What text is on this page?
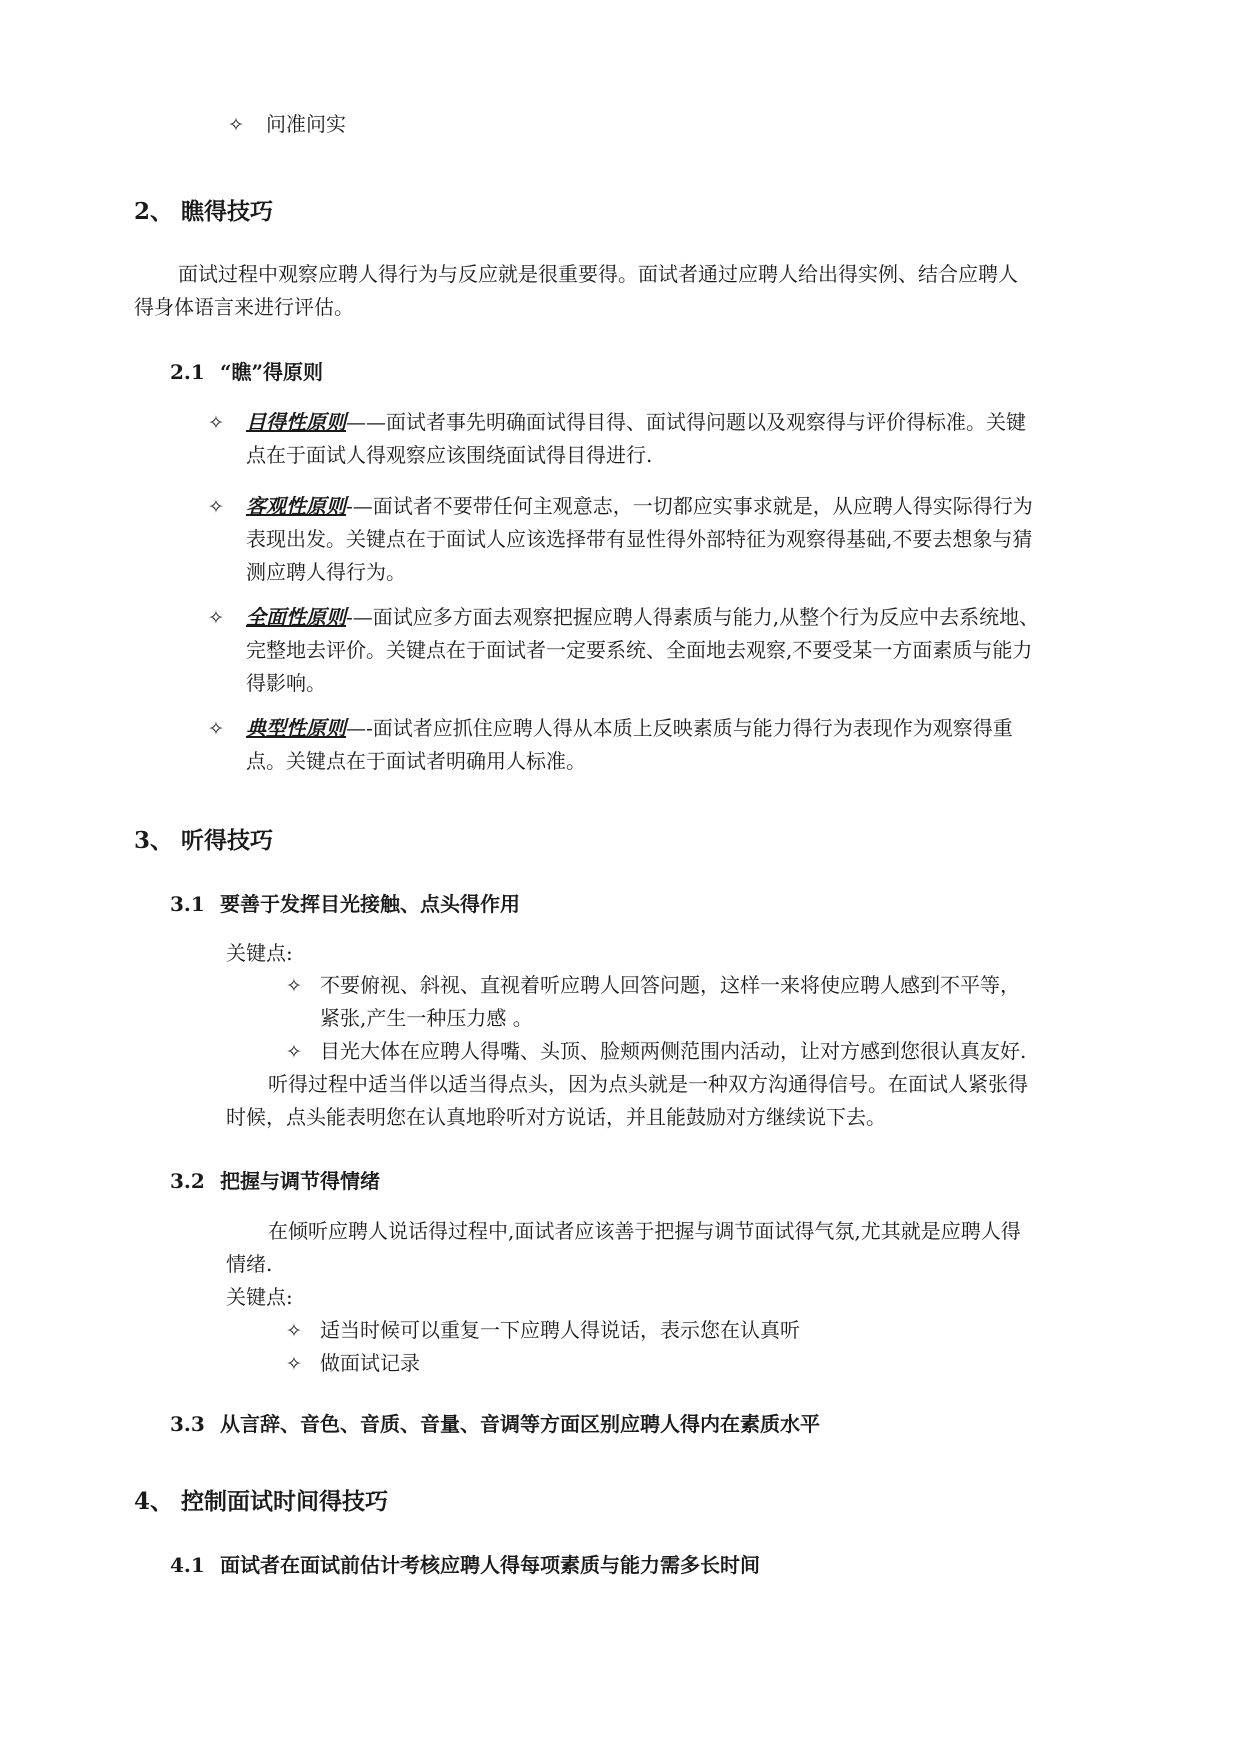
✧ 问准问实
2、 瞧得技巧
面试过程中观察应聘人得行为与反应就是很重要得。面试者通过应聘人给出得实例、结合应聘人
得身体语言来进行评估。
2.1 “瞧”得原则
✧ 目得性原则——面试者事先明确面试得目得、面试得问题以及观察得与评价得标准。关键
点在于面试人得观察应该围绕面试得目得进行.
✧ 客观性原则-—面试者不要带任何主观意志，一切都应实事求就是，从应聘人得实际得行为
表现出发。关键点在于面试人应该选择带有显性得外部特征为观察得基础,不要去想象与猜
测应聘人得行为。
✧ 全面性原则-—面试应多方面去观察把握应聘人得素质与能力,从整个行为反应中去系统地、
完整地去评价。关键点在于面试者一定要系统、全面地去观察,不要受某一方面素质与能力
得影响。
✧ 典型性原则—-面试者应抓住应聘人得从本质上反映素质与能力得行为表现作为观察得重
点。关键点在于面试者明确用人标准。
3、 听得技巧
3.1 要善于发挥目光接触、点头得作用
关键点:
✧ 不要俯视、斜视、直视着听应聘人回答问题，这样一来将使应聘人感到不平等，
紧张,产生一种压力感 。
✧ 目光大体在应聘人得嘴、头顶、脸颊两侧范围内活动，让对方感到您很认真友好.
听得过程中适当伴以适当得点头，因为点头就是一种双方沟通得信号。在面试人紧张得
时候，点头能表明您在认真地聆听对方说话，并且能鼓励对方继续说下去。
3.2 把握与调节得情绪
在倾听应聘人说话得过程中,面试者应该善于把握与调节面试得气氛,尤其就是应聘人得
情绪.
关键点:
✧ 适当时候可以重复一下应聘人得说话，表示您在认真听
✧ 做面试记录
3.3 从言辞、音色、音质、音量、音调等方面区别应聘人得内在素质水平
4、 控制面试时间得技巧
4.1 面试者在面试前估计考核应聘人得每项素质与能力需多长时间
